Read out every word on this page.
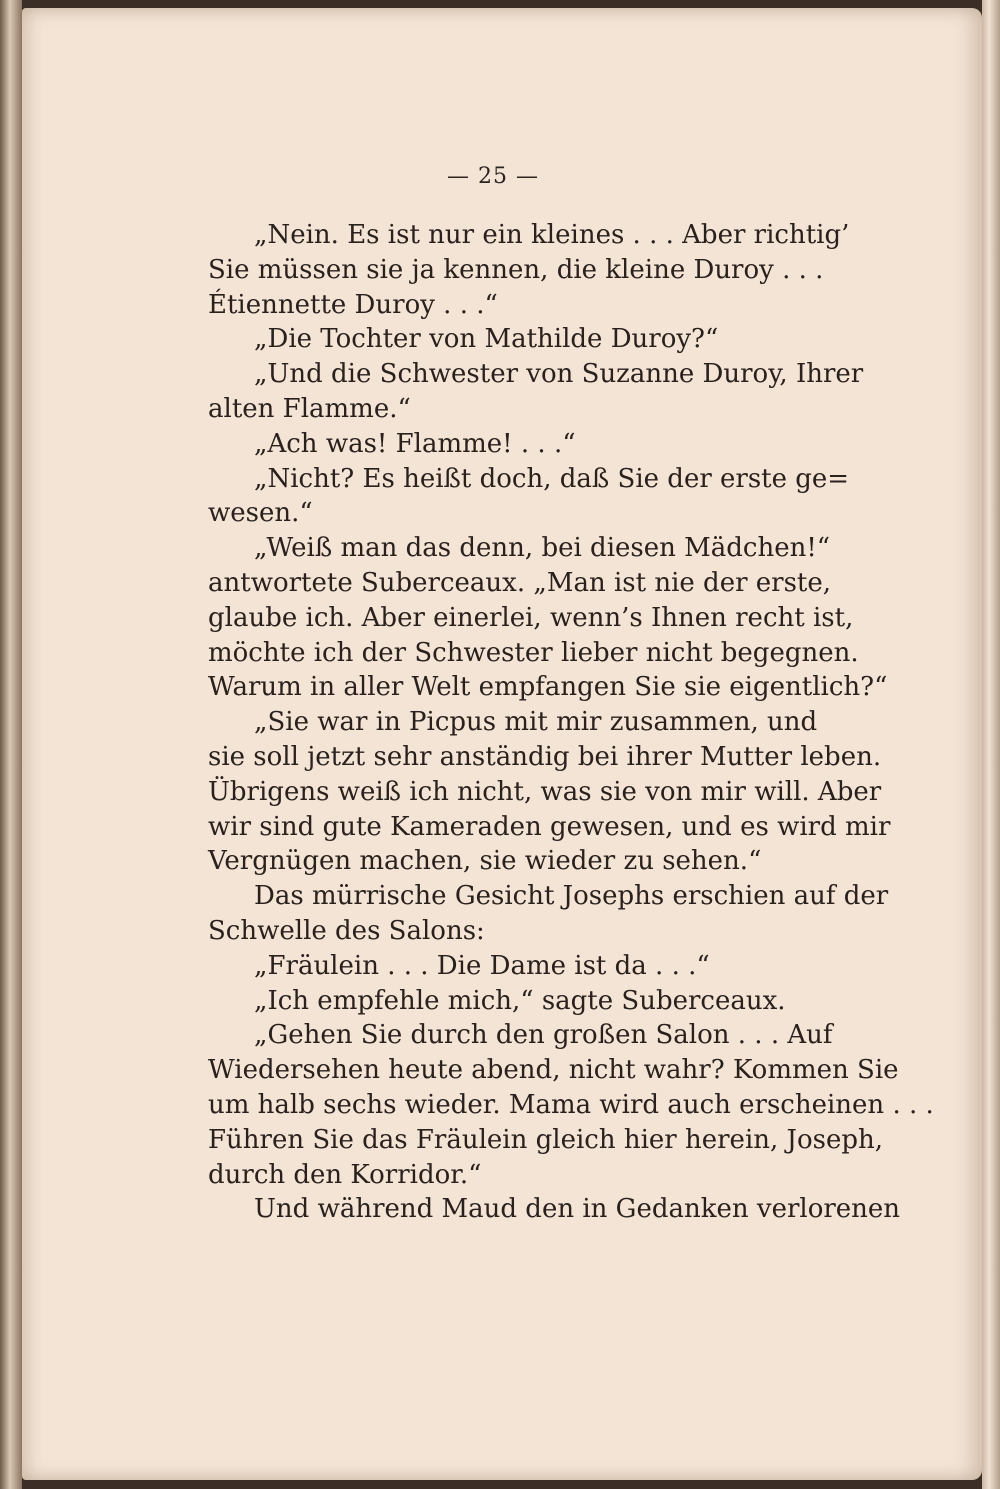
— 25 —
„Nein. Es ist nur ein kleines . . . Aber richtig’
Sie müssen sie ja kennen, die kleine Duroy . . .
Étiennette Duroy . . .“
„Die Tochter von Mathilde Duroy?“
„Und die Schwester von Suzanne Duroy, Ihrer
alten Flamme.“
„Ach was! Flamme! . . .“
„Nicht? Es heißt doch, daß Sie der erste ge=
wesen.“
„Weiß man das denn, bei diesen Mädchen!“
antwortete Suberceaux. „Man ist nie der erste,
glaube ich. Aber einerlei, wenn’s Ihnen recht ist,
möchte ich der Schwester lieber nicht begegnen.
Warum in aller Welt empfangen Sie sie eigentlich?“
„Sie war in Picpus mit mir zusammen, und
sie soll jetzt sehr anständig bei ihrer Mutter leben.
Übrigens weiß ich nicht, was sie von mir will. Aber
wir sind gute Kameraden gewesen, und es wird mir
Vergnügen machen, sie wieder zu sehen.“
Das mürrische Gesicht Josephs erschien auf der
Schwelle des Salons:
„Fräulein . . . Die Dame ist da . . .“
„Ich empfehle mich,“ sagte Suberceaux.
„Gehen Sie durch den großen Salon . . . Auf
Wiedersehen heute abend, nicht wahr? Kommen Sie
um halb sechs wieder. Mama wird auch erscheinen . . .
Führen Sie das Fräulein gleich hier herein, Joseph,
durch den Korridor.“
Und während Maud den in Gedanken verlorenen
